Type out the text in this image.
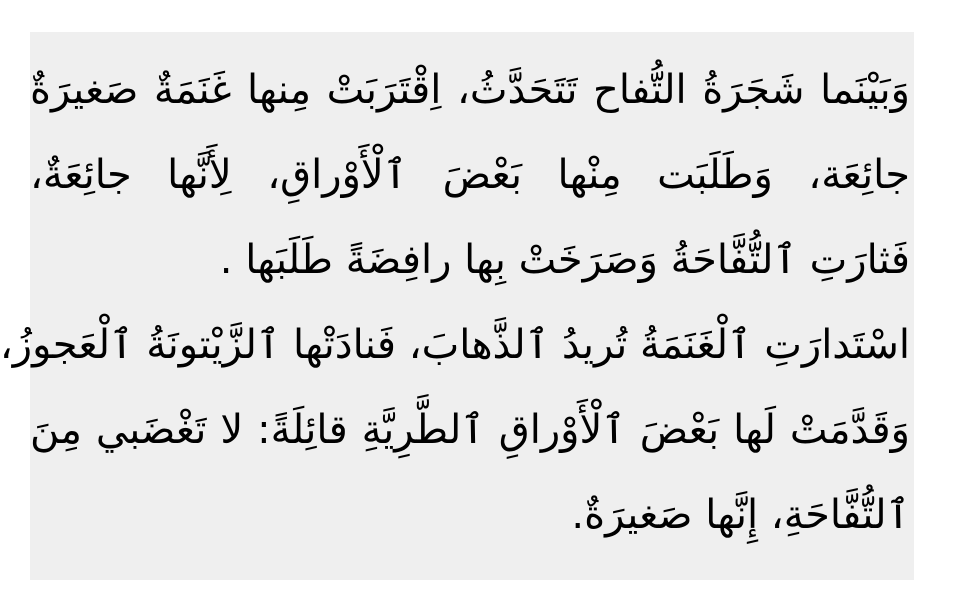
وَبَيْنَما شَجَرَةُ التُّفاح تَتَحَدَّثُ، اِقْتَرَبَتْ مِنها غَنَمَةٌ صَغيرَةٌ
جائِعَة، وَطَلَبَت مِنْها بَعْضَ ٱلْأَوْراقِ، لِأَنَّها جائِعَةٌ،
فَثارَتِ ٱلتُّفَّاحَةُ وَصَرَخَتْ بِها رافِضَةً طَلَبَها .
اسْتَدارَتِ ٱلْغَنَمَةُ تُريدُ ٱلذَّهابَ، فَنادَتْها ٱلزَّيْتونَةُ ٱلْعَجوزُ،
وَقَدَّمَتْ لَها بَعْضَ ٱلْأَوْراقِ ٱلطَّرِيَّةِ قائِلَةً: لا تَغْضَبي مِنَ
ٱلتُّفَّاحَةِ، إِنَّها صَغيرَةٌ.
